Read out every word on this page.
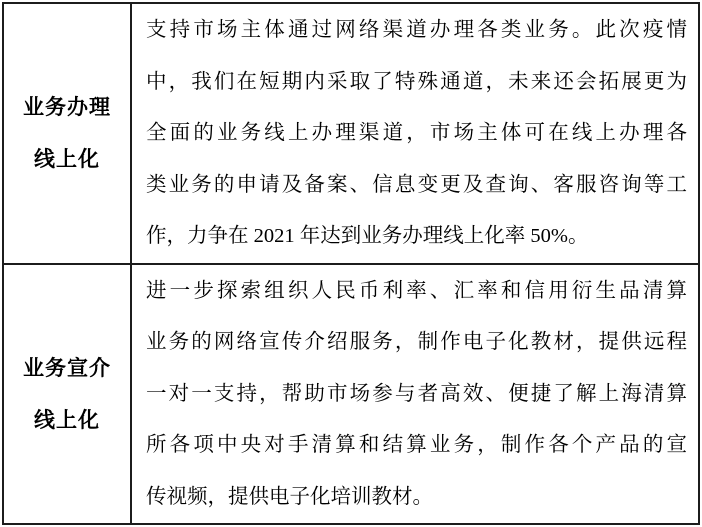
业务办理
线上化
支持市场主体通过网络渠道办理各类业务。此次疫情
中，我们在短期内采取了特殊通道，未来还会拓展更为
全面的业务线上办理渠道，市场主体可在线上办理各
类业务的申请及备案、信息变更及查询、客服咨询等工
作，力争在 2021 年达到业务办理线上化率 50%。
业务宣介
线上化
进一步探索组织人民币利率、汇率和信用衍生品清算
业务的网络宣传介绍服务，制作电子化教材，提供远程
一对一支持，帮助市场参与者高效、便捷了解上海清算
所各项中央对手清算和结算业务，制作各个产品的宣
传视频，提供电子化培训教材。
